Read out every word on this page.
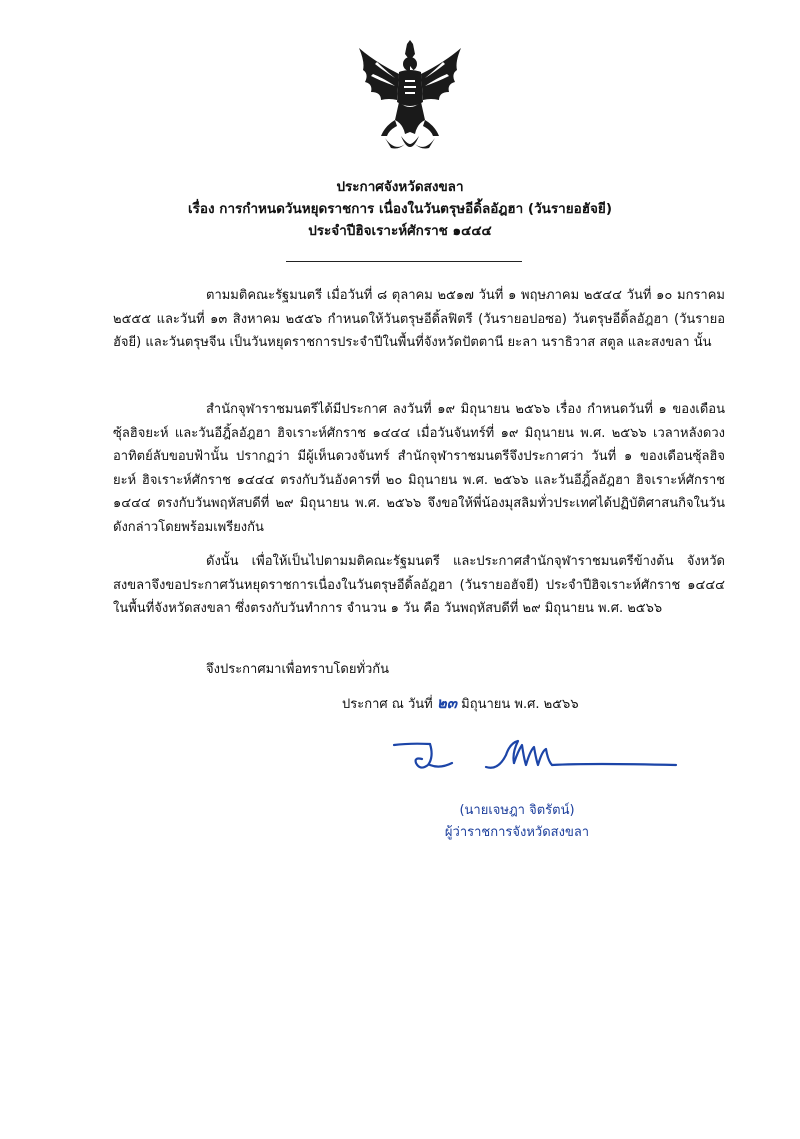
ประกาศจังหวัดสงขลา
เรื่อง การกำหนดวันหยุดราชการ เนื่องในวันตรุษอีดิ้ลอัฎฮา (วันรายอฮัจยี)
ประจำปีฮิจเราะห์ศักราช ๑๔๔๔
ตามมติคณะรัฐมนตรี เมื่อวันที่ ๘ ตุลาคม ๒๕๑๗ วันที่ ๑ พฤษภาคม ๒๕๔๔ วันที่ ๑๐ มกราคม ๒๕๕๕ และวันที่ ๑๓ สิงหาคม ๒๕๕๖ กำหนดให้วันตรุษอีดิ้ลฟิตรี (วันรายอปอซอ) วันตรุษอีดิ้ลอัฎฮา (วันรายอฮัจยี) และวันตรุษจีน เป็นวันหยุดราชการประจำปีในพื้นที่จังหวัดปัตตานี ยะลา นราธิวาส สตูล และสงขลา นั้น
สำนักจุฬาราชมนตรีได้มีประกาศ ลงวันที่ ๑๙ มิถุนายน ๒๕๖๖ เรื่อง กำหนดวันที่ ๑ ของเดือนซุ้ลฮิจยะห์ และวันอีฎิ้ลอัฎฮา ฮิจเราะห์ศักราช ๑๔๔๔ เมื่อวันจันทร์ที่ ๑๙ มิถุนายน พ.ศ. ๒๕๖๖ เวลาหลังดวงอาทิตย์ลับขอบฟ้านั้น ปรากฏว่า มีผู้เห็นดวงจันทร์ สำนักจุฬาราชมนตรีจึงประกาศว่า วันที่ ๑ ของเดือนซุ้ลฮิจยะห์ ฮิจเราะห์ศักราช ๑๔๔๔ ตรงกับวันอังคารที่ ๒๐ มิถุนายน พ.ศ. ๒๕๖๖ และวันอีฎิ้ลอัฎฮา ฮิจเราะห์ศักราช ๑๔๔๔ ตรงกับวันพฤหัสบดีที่ ๒๙ มิถุนายน พ.ศ. ๒๕๖๖ จึงขอให้พี่น้องมุสลิมทั่วประเทศได้ปฏิบัติศาสนกิจในวันดังกล่าวโดยพร้อมเพรียงกัน
ดังนั้น เพื่อให้เป็นไปตามมติคณะรัฐมนตรี และประกาศสำนักจุฬาราชมนตรีข้างต้น จังหวัดสงขลาจึงขอประกาศวันหยุดราชการเนื่องในวันตรุษอีดิ้ลอัฎฮา (วันรายอฮัจยี) ประจำปีฮิจเราะห์ศักราช ๑๔๔๔ ในพื้นที่จังหวัดสงขลา ซึ่งตรงกับวันทำการ จำนวน ๑ วัน คือ วันพฤหัสบดีที่ ๒๙ มิถุนายน พ.ศ. ๒๕๖๖
จึงประกาศมาเพื่อทราบโดยทั่วกัน
ประกาศ ณ วันที่ ๒๓ มิถุนายน พ.ศ. ๒๕๖๖
(นายเจษฎา จิตรัตน์)
ผู้ว่าราชการจังหวัดสงขลา
